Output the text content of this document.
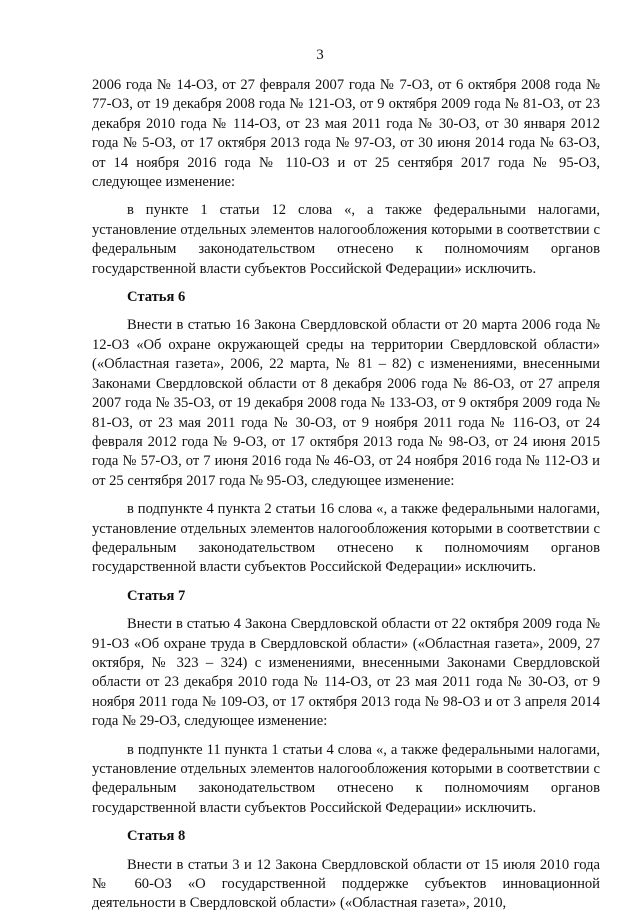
3

2006 года № 14-ОЗ, от 27 февраля 2007 года № 7-ОЗ, от 6 октября 2008 года № 77-ОЗ, от 19 декабря 2008 года № 121-ОЗ, от 9 октября 2009 года № 81-ОЗ, от 23 декабря 2010 года № 114-ОЗ, от 23 мая 2011 года № 30-ОЗ, от 30 января 2012 года № 5-ОЗ, от 17 октября 2013 года № 97-ОЗ, от 30 июня 2014 года № 63-ОЗ, от 14 ноября 2016 года № 110-ОЗ и от 25 сентября 2017 года № 95-ОЗ, следующее изменение:

в пункте 1 статьи 12 слова «, а также федеральными налогами, установление отдельных элементов налогообложения которыми в соответствии с федеральным законодательством отнесено к полномочиям органов государственной власти субъектов Российской Федерации» исключить.

Статья 6

Внести в статью 16 Закона Свердловской области от 20 марта 2006 года № 12-ОЗ «Об охране окружающей среды на территории Свердловской области» («Областная газета», 2006, 22 марта, № 81 – 82) с изменениями, внесенными Законами Свердловской области от 8 декабря 2006 года № 86-ОЗ, от 27 апреля 2007 года № 35-ОЗ, от 19 декабря 2008 года № 133-ОЗ, от 9 октября 2009 года № 81-ОЗ, от 23 мая 2011 года № 30-ОЗ, от 9 ноября 2011 года № 116-ОЗ, от 24 февраля 2012 года № 9-ОЗ, от 17 октября 2013 года № 98-ОЗ, от 24 июня 2015 года № 57-ОЗ, от 7 июня 2016 года № 46-ОЗ, от 24 ноября 2016 года № 112-ОЗ и от 25 сентября 2017 года № 95-ОЗ, следующее изменение:

в подпункте 4 пункта 2 статьи 16 слова «, а также федеральными налогами, установление отдельных элементов налогообложения которыми в соответствии с федеральным законодательством отнесено к полномочиям органов государственной власти субъектов Российской Федерации» исключить.

Статья 7

Внести в статью 4 Закона Свердловской области от 22 октября 2009 года № 91-ОЗ «Об охране труда в Свердловской области» («Областная газета», 2009, 27 октября, № 323 – 324) с изменениями, внесенными Законами Свердловской области от 23 декабря 2010 года № 114-ОЗ, от 23 мая 2011 года № 30-ОЗ, от 9 ноября 2011 года № 109-ОЗ, от 17 октября 2013 года № 98-ОЗ и от 3 апреля 2014 года № 29-ОЗ, следующее изменение:

в подпункте 11 пункта 1 статьи 4 слова «, а также федеральными налогами, установление отдельных элементов налогообложения которыми в соответствии с федеральным законодательством отнесено к полномочиям органов государственной власти субъектов Российской Федерации» исключить.

Статья 8

Внести в статьи 3 и 12 Закона Свердловской области от 15 июля 2010 года № 60-ОЗ «О государственной поддержке субъектов инновационной деятельности в Свердловской области» («Областная газета», 2010,
